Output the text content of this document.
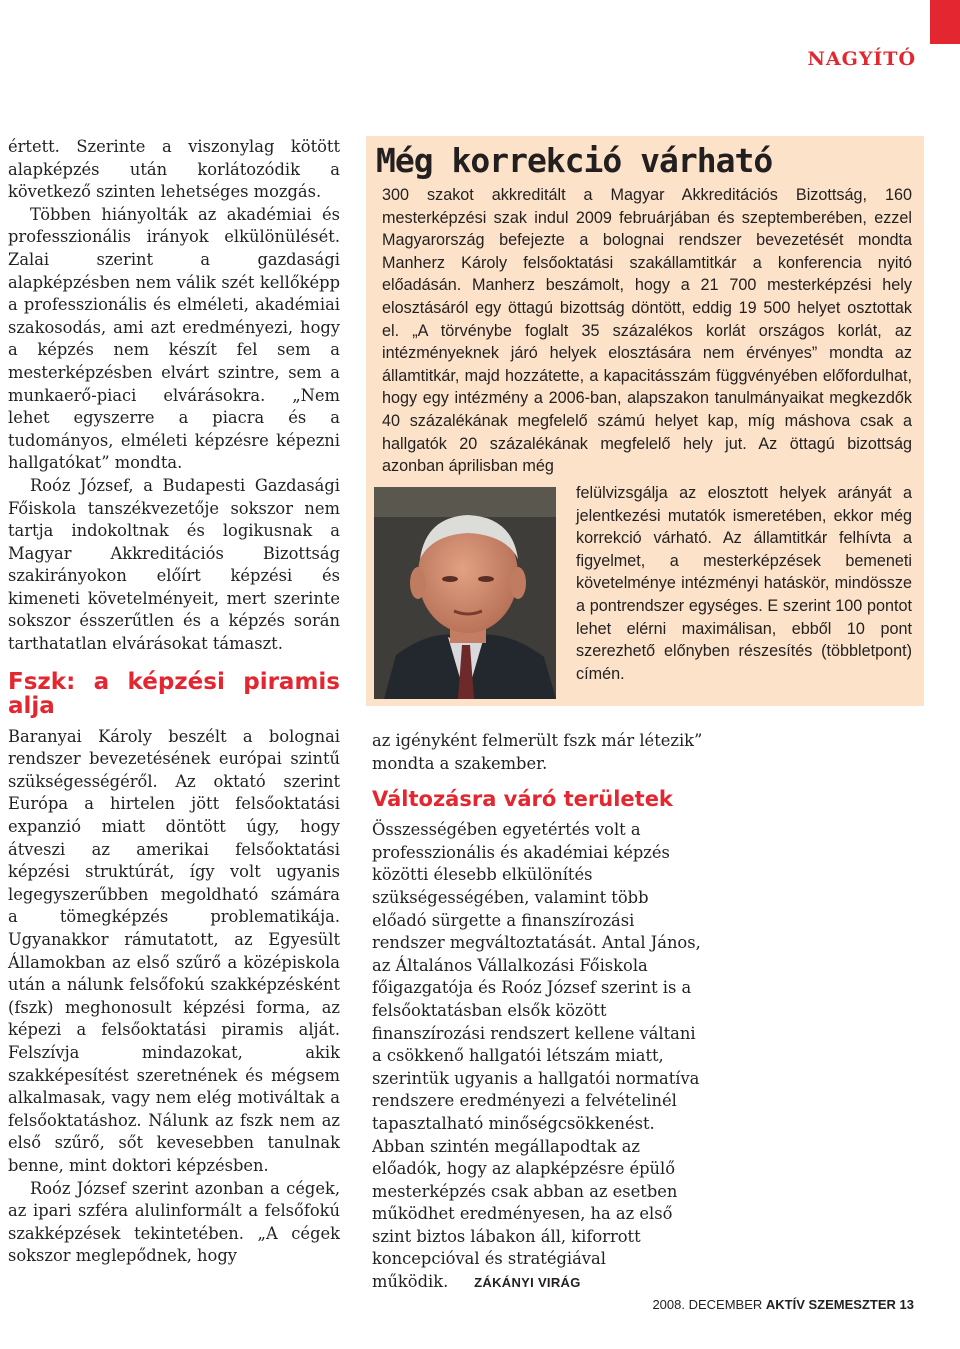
NAGYÍTÓ

értett. Szerinte a viszonylag kötött alapképzés után korlátozódik a következő szinten lehetséges mozgás.

Többen hiányolták az akadémiai és professzionális irányok elkülönülését. Zalai szerint a gazdasági alapképzésben nem válik szét kellőképp a professzionális és elméleti, akadémiai szakosodás, ami azt eredményezi, hogy a képzés nem készít fel sem a mesterképzésben elvárt szintre, sem a munkaerő-piaci elvárásokra. „Nem lehet egyszerre a piacra és a tudományos, elméleti képzésre képezni hallgatókat” mondta.

Roóz József, a Budapesti Gazdasági Főiskola tanszékvezetője sokszor nem tartja indokoltnak és logikusnak a Magyar Akkreditációs Bizottság szakirányokon előírt képzési és kimeneti követelményeit, mert szerinte sokszor ésszerűtlen és a képzés során tarthatatlan elvárásokat támaszt.

Fszk: a képzési piramis alja

Baranyai Károly beszélt a bolognai rendszer bevezetésének európai szintű szükségességéről. Az oktató szerint Európa a hirtelen jött felsőoktatási expanzió miatt döntött úgy, hogy átveszi az amerikai felsőoktatási képzési struktúrát, így volt ugyanis legegyszerűbben megoldható számára a tömegképzés problematikája. Ugyanakkor rámutatott, az Egyesült Államokban az első szűrő a középiskola után a nálunk felsőfokú szakképzésként (fszk) meghonosult képzési forma, az képezi a felsőoktatási piramis alját. Felszívja mindazokat, akik szakképesítést szeretnének és mégsem alkalmasak, vagy nem elég motiváltak a felsőoktatáshoz. Nálunk az fszk nem az első szűrő, sőt kevesebben tanulnak benne, mint doktori képzésben.

Roóz József szerint azonban a cégek, az ipari szféra alulinformált a felsőfokú szakképzések tekintetében. „A cégek sokszor meglepődnek, hogy

Még korrekció várható
300 szakot akkreditált a Magyar Akkreditációs Bizottság, 160 mesterképzési szak indul 2009 februárjában és szeptemberében, ezzel Magyarország befejezte a bolognai rendszer bevezetését mondta Manherz Károly felsőoktatási szakállamtitkár a konferencia nyitó előadásán. Manherz beszámolt, hogy a 21 700 mesterképzési hely elosztásáról egy öttagú bizottság döntött, eddig 19 500 helyet osztottak el. „A törvénybe foglalt 35 százalékos korlát országos korlát, az intézményeknek járó helyek elosztására nem érvényes” mondta az államtitkár, majd hozzátette, a kapacitásszám függvényében előfordulhat, hogy egy intézmény a 2006-ban, alapszakon tanulmányaikat megkezdők 40 százalékának megfelelő számú helyet kap, míg máshova csak a hallgatók 20 százalékának megfelelő hely jut. Az öttagú bizottság azonban áprilisban még
felülvizsgálja az elosztott helyek arányát a jelentkezési mutatók ismeretében, ekkor még korrekció várható. Az államtitkár felhívta a figyelmet, a mesterképzések bemeneti követelménye intézményi hatáskör, mindössze a pontrendszer egységes. E szerint 100 pontot lehet elérni maximálisan, ebből 10 pont szerezhető előnyben részesítés (többletpont) címén.

az igényként felmerült fszk már létezik” mondta a szakember.

Változásra váró területek

Összességében egyetértés volt a professzionális és akadémiai képzés közötti élesebb elkülönítés szükségességében, valamint több előadó sürgette a finanszírozási rendszer megváltoztatását. Antal János, az Általános Vállalkozási Főiskola főigazgatója és Roóz József szerint is a felsőoktatásban elsők között finanszírozási rendszert kellene váltani a csökkenő hallgatói létszám miatt, szerintük ugyanis a hallgatói normatíva rendszere eredményezi a felvételinél tapasztalható minőségcsökkenést. Abban szintén megállapodtak az előadók, hogy az alapképzésre épülő mesterképzés csak abban az esetben működhet eredményesen, ha az első szint biztos lábakon áll, kiforrott koncepcióval és stratégiával működik. ZÁKÁNYI VIRÁG

2008. DECEMBER AKTÍV SZEMESZTER 13
